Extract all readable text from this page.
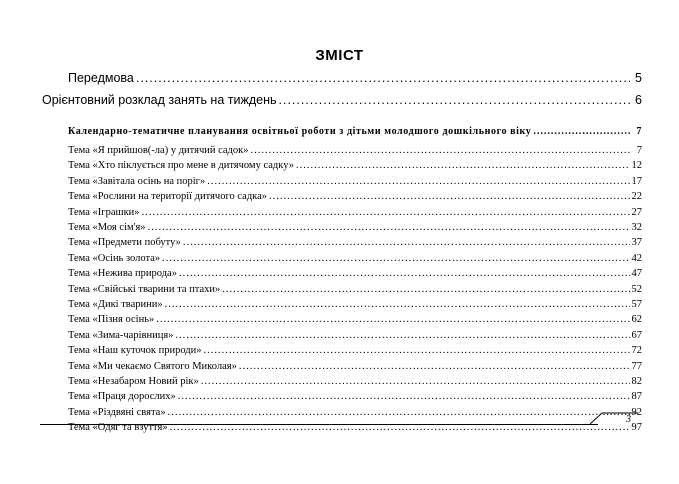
ЗМІСТ
Передмова .....	5
Орієнтовний розклад занять на тиждень .....	6
Календарно-тематичне планування освітньої роботи з дітьми молодшого дошкільного віку .....	7
Тема «Я прийшов(-ла) у дитячий садок» .....	7
Тема «Хто піклується про мене в дитячому садку» .....	12
Тема «Завітала осінь на поріг» .....	17
Тема «Рослини на території дитячого садка» .....	22
Тема «Іграшки» .....	27
Тема «Моя сім'я» .....	32
Тема «Предмети побуту» .....	37
Тема «Осінь золота» .....	42
Тема «Нежива природа» .....	47
Тема «Свійські тварини та птахи» .....	52
Тема «Дикі тварини» .....	57
Тема «Пізня осінь» .....	62
Тема «Зима-чарівниця» .....	67
Тема «Наш куточок природи» .....	72
Тема «Ми чекаємо Святого Миколая» .....	77
Тема «Незабаром Новий рік» .....	82
Тема «Праця дорослих» .....	87
Тема «Різдвяні свята» .....	92
Тема «Одяг та взуття» .....	97
3
